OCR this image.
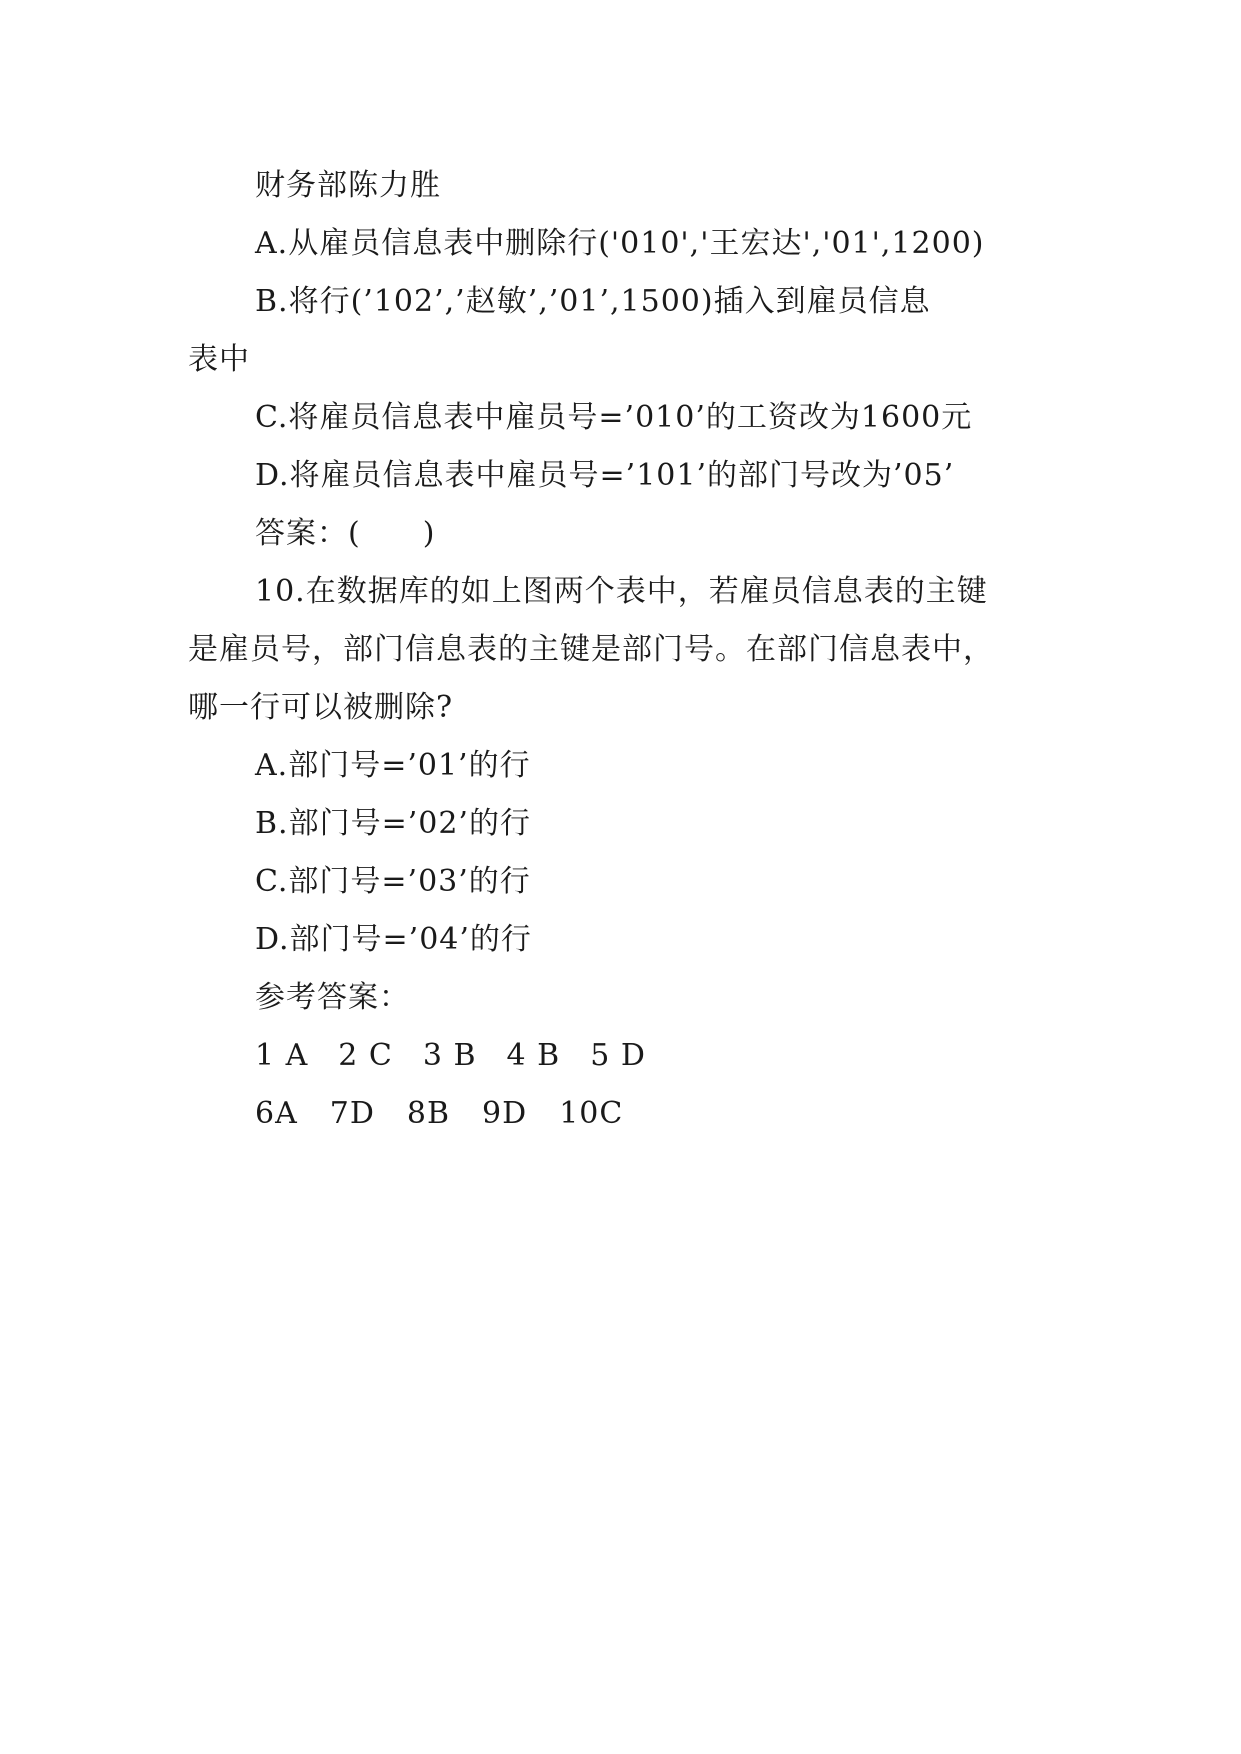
财务部陈力胜
A.从雇员信息表中删除行('010','王宏达','01',1200)
B.将行(’102’,’赵敏’,’01’,1500)插入到雇员信息
表中
C.将雇员信息表中雇员号=’010’的工资改为1600元
D.将雇员信息表中雇员号=’101’的部门号改为’05’
答案：(　　)
10.在数据库的如上图两个表中，若雇员信息表的主键
是雇员号，部门信息表的主键是部门号。在部门信息表中，
哪一行可以被删除?
A.部门号=’01’的行
B.部门号=’02’的行
C.部门号=’03’的行
D.部门号=’04’的行
参考答案：
1 A 2 C 3 B 4 B 5 D
6A 7D 8B 9D 10C
